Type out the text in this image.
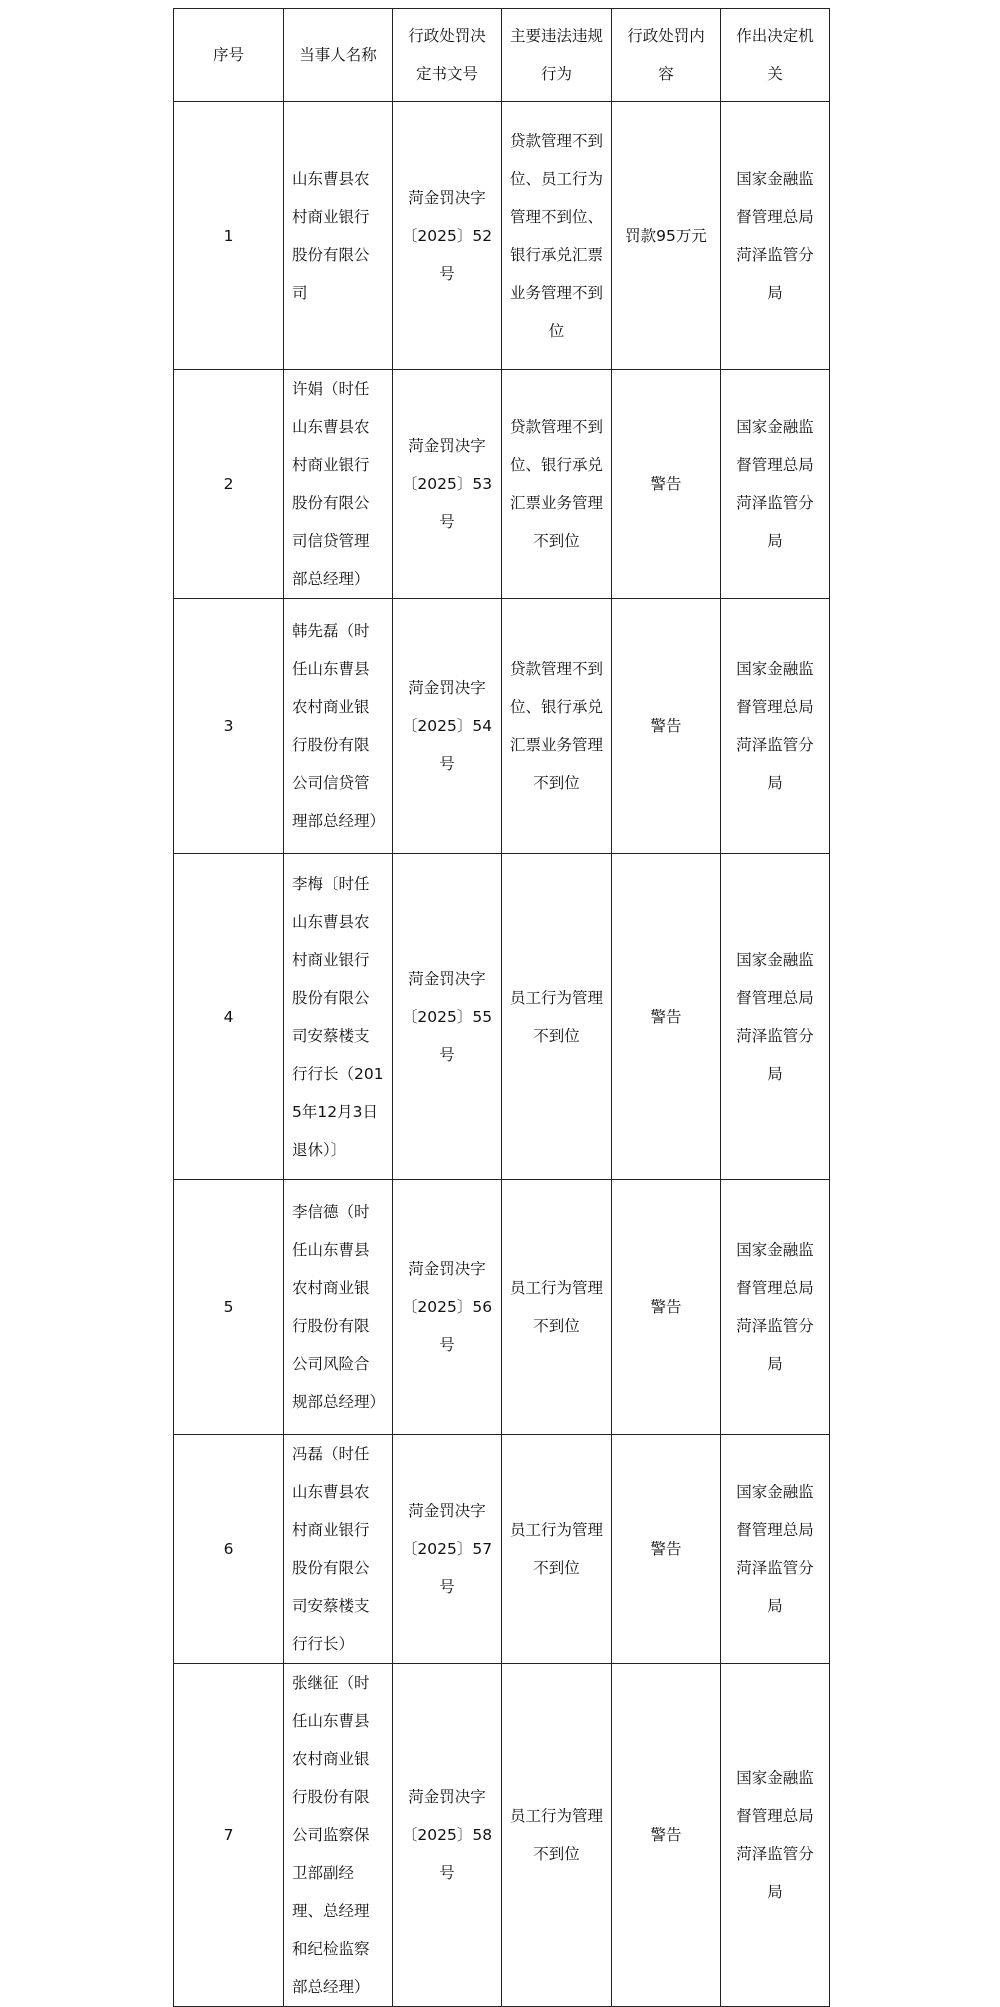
序号	当事人名称	行政处罚决定书文号	主要违法违规行为	行政处罚内容	作出决定机关
1	山东曹县农村商业银行股份有限公司	菏金罚决字〔2025〕52号	贷款管理不到位、员工行为管理不到位、银行承兑汇票业务管理不到位	罚款95万元	国家金融监督管理总局菏泽监管分局
2	许娟（时任山东曹县农村商业银行股份有限公司信贷管理部总经理）	菏金罚决字〔2025〕53号	贷款管理不到位、银行承兑汇票业务管理不到位	警告	国家金融监督管理总局菏泽监管分局
3	韩先磊（时任山东曹县农村商业银行股份有限公司信贷管理部总经理）	菏金罚决字〔2025〕54号	贷款管理不到位、银行承兑汇票业务管理不到位	警告	国家金融监督管理总局菏泽监管分局
4	李梅〔时任山东曹县农村商业银行股份有限公司安蔡楼支行行长（2015年12月3日退休）〕	菏金罚决字〔2025〕55号	员工行为管理不到位	警告	国家金融监督管理总局菏泽监管分局
5	李信德（时任山东曹县农村商业银行股份有限公司风险合规部总经理）	菏金罚决字〔2025〕56号	员工行为管理不到位	警告	国家金融监督管理总局菏泽监管分局
6	冯磊（时任山东曹县农村商业银行股份有限公司安蔡楼支行行长）	菏金罚决字〔2025〕57号	员工行为管理不到位	警告	国家金融监督管理总局菏泽监管分局
7	张继征（时任山东曹县农村商业银行股份有限公司监察保卫部副经理、总经理和纪检监察部总经理）	菏金罚决字〔2025〕58号	员工行为管理不到位	警告	国家金融监督管理总局菏泽监管分局
